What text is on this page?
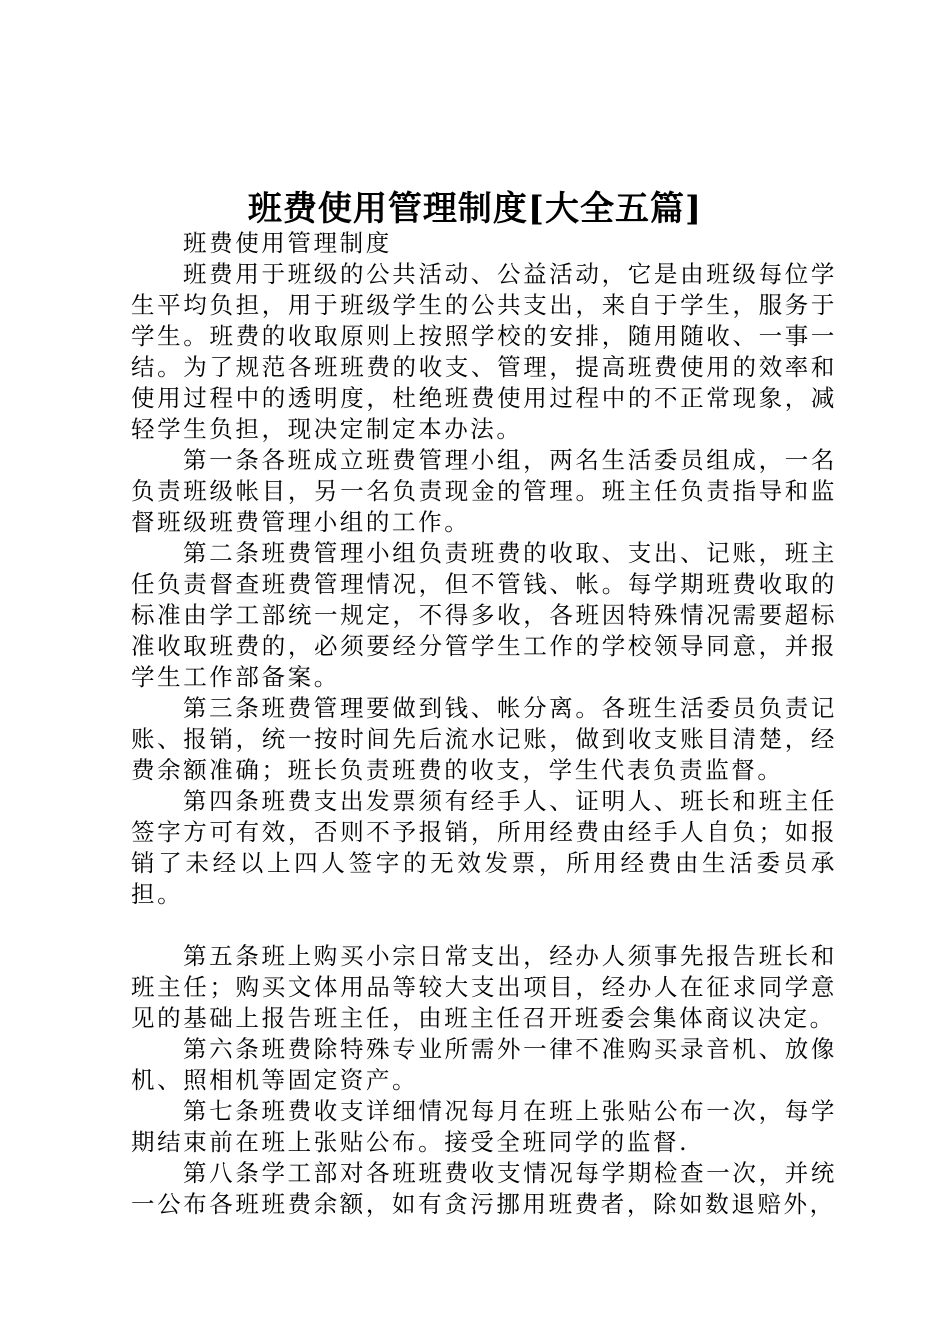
班费使用管理制度[大全五篇]

班费使用管理制度

班费用于班级的公共活动、公益活动，它是由班级每位学生平均负担，用于班级学生的公共支出，来自于学生，服务于学生。班费的收取原则上按照学校的安排，随用随收、一事一结。为了规范各班班费的收支、管理，提高班费使用的效率和使用过程中的透明度，杜绝班费使用过程中的不正常现象，减轻学生负担，现决定制定本办法。

第一条各班成立班费管理小组，两名生活委员组成，一名负责班级帐目，另一名负责现金的管理。班主任负责指导和监督班级班费管理小组的工作。

第二条班费管理小组负责班费的收取、支出、记账，班主任负责督查班费管理情况，但不管钱、帐。每学期班费收取的标准由学工部统一规定，不得多收，各班因特殊情况需要超标准收取班费的，必须要经分管学生工作的学校领导同意，并报学生工作部备案。

第三条班费管理要做到钱、帐分离。各班生活委员负责记账、报销，统一按时间先后流水记账，做到收支账目清楚，经费余额准确；班长负责班费的收支，学生代表负责监督。

第四条班费支出发票须有经手人、证明人、班长和班主任签字方可有效，否则不予报销，所用经费由经手人自负；如报销了未经以上四人签字的无效发票，所用经费由生活委员承担。

第五条班上购买小宗日常支出，经办人须事先报告班长和班主任；购买文体用品等较大支出项目，经办人在征求同学意见的基础上报告班主任，由班主任召开班委会集体商议决定。

第六条班费除特殊专业所需外一律不准购买录音机、放像机、照相机等固定资产。

第七条班费收支详细情况每月在班上张贴公布一次，每学期结束前在班上张贴公布。接受全班同学的监督.

第八条学工部对各班班费收支情况每学期检查一次，并统一公布各班班费余额，如有贪污挪用班费者，除如数退赔外，
